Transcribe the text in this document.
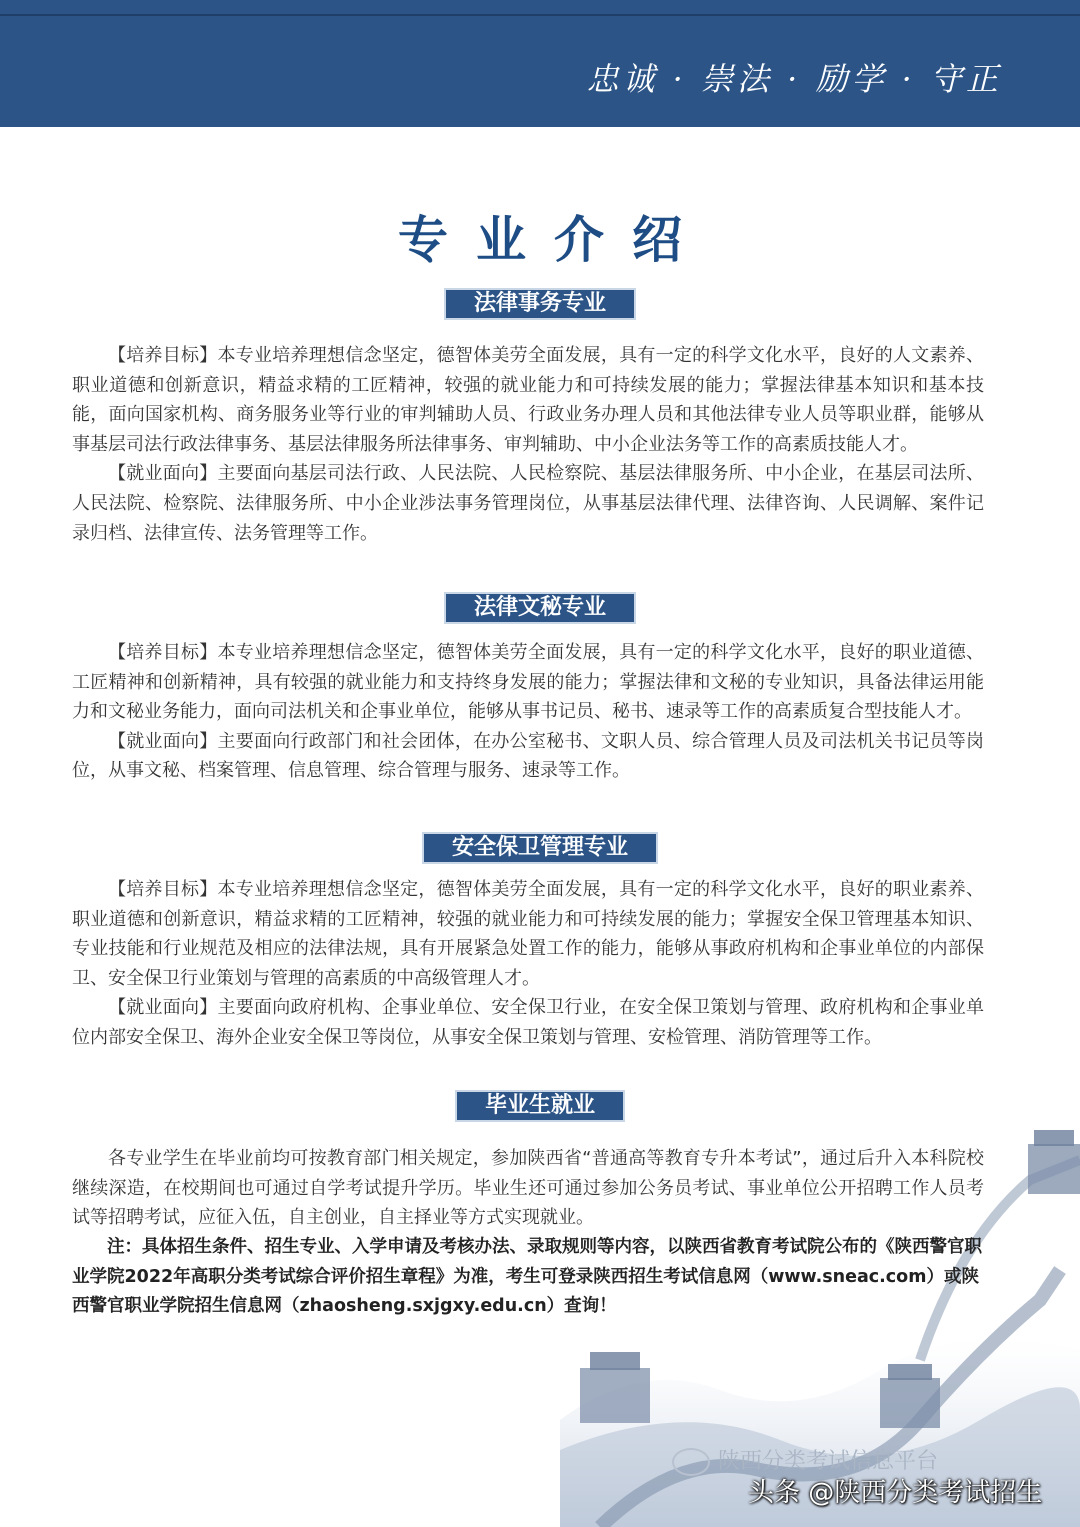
忠诚 · 崇法 · 励学 · 守正
专业介绍
法律事务专业

【培养目标】本专业培养理想信念坚定，德智体美劳全面发展，具有一定的科学文化水平，良好的人文素养、职业道德和创新意识，精益求精的工匠精神，较强的就业能力和可持续发展的能力；掌握法律基本知识和基本技能，面向国家机构、商务服务业等行业的审判辅助人员、行政业务办理人员和其他法律专业人员等职业群，能够从事基层司法行政法律事务、基层法律服务所法律事务、审判辅助、中小企业法务等工作的高素质技能人才。

【就业面向】主要面向基层司法行政、人民法院、人民检察院、基层法律服务所、中小企业，在基层司法所、人民法院、检察院、法律服务所、中小企业涉法事务管理岗位，从事基层法律代理、法律咨询、人民调解、案件记录归档、法律宣传、法务管理等工作。

法律文秘专业

【培养目标】本专业培养理想信念坚定，德智体美劳全面发展，具有一定的科学文化水平，良好的职业道德、工匠精神和创新精神，具有较强的就业能力和支持终身发展的能力；掌握法律和文秘的专业知识，具备法律运用能力和文秘业务能力，面向司法机关和企事业单位，能够从事书记员、秘书、速录等工作的高素质复合型技能人才。

【就业面向】主要面向行政部门和社会团体，在办公室秘书、文职人员、综合管理人员及司法机关书记员等岗位，从事文秘、档案管理、信息管理、综合管理与服务、速录等工作。

安全保卫管理专业

【培养目标】本专业培养理想信念坚定，德智体美劳全面发展，具有一定的科学文化水平，良好的职业素养、职业道德和创新意识，精益求精的工匠精神，较强的就业能力和可持续发展的能力；掌握安全保卫管理基本知识、专业技能和行业规范及相应的法律法规，具有开展紧急处置工作的能力，能够从事政府机构和企事业单位的内部保卫、安全保卫行业策划与管理的高素质的中高级管理人才。

【就业面向】主要面向政府机构、企事业单位、安全保卫行业，在安全保卫策划与管理、政府机构和企事业单位内部安全保卫、海外企业安全保卫等岗位，从事安全保卫策划与管理、安检管理、消防管理等工作。

毕业生就业

各专业学生在毕业前均可按教育部门相关规定，参加陕西省“普通高等教育专升本考试”，通过后升入本科院校继续深造，在校期间也可通过自学考试提升学历。毕业生还可通过参加公务员考试、事业单位公开招聘工作人员考试等招聘考试，应征入伍，自主创业，自主择业等方式实现就业。

注：具体招生条件、招生专业、入学申请及考核办法、录取规则等内容，以陕西省教育考试院公布的《陕西警官职业学院2022年高职分类考试综合评价招生章程》为准，考生可登录陕西招生考试信息网（www.sneac.com）或陕西警官职业学院招生信息网（zhaosheng.sxjgxy.edu.cn）查询！

陕西分类考试信息平台
头条 @陕西分类考试招生
